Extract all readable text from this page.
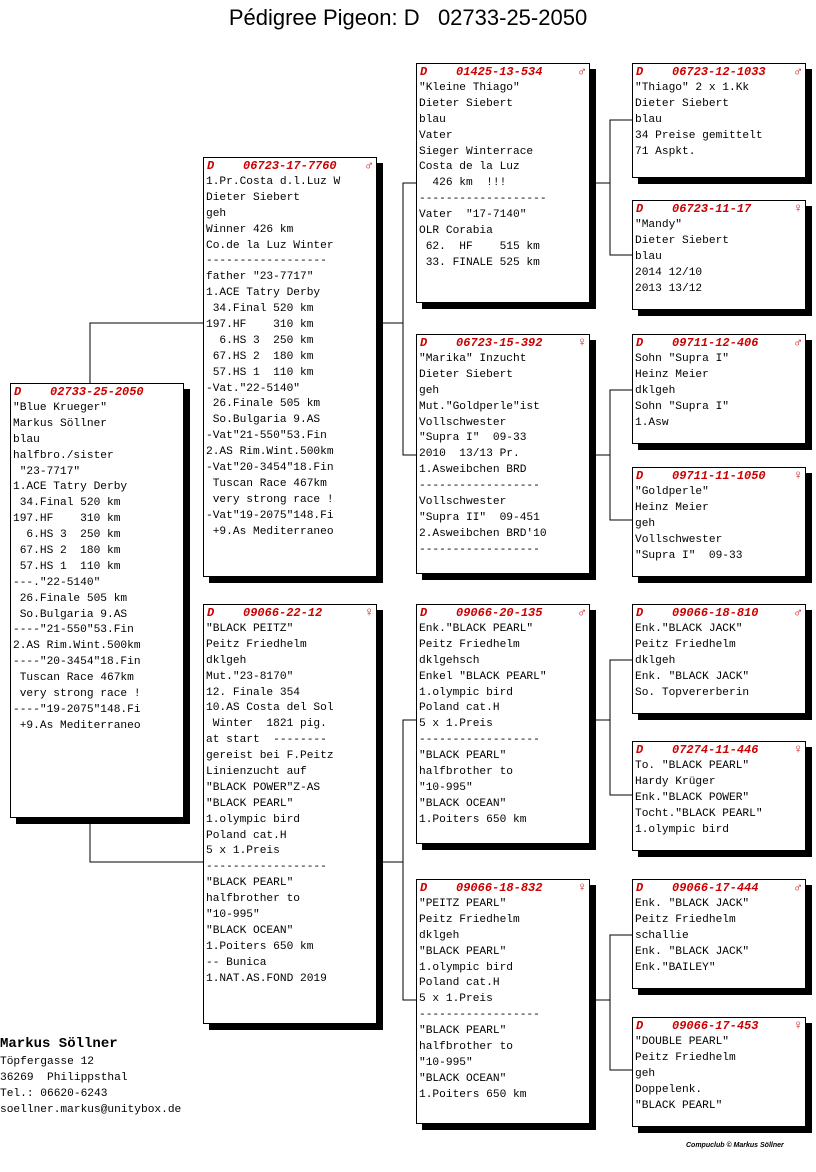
Pédigree Pigeon: D   02733-25-2050
D 02733-25-2050
"Blue Krueger"
Markus Söllner
blau
halfbro./sister
"23-7717"
1.ACE Tatry Derby
34.Final 520 km
197.HF    310 km
6.HS 3  250 km
67.HS 2  180 km
57.HS 1  110 km
---."22-5140"
26.Finale 505 km
So.Bulgaria 9.AS
----"21-550"53.Fin
2.AS Rim.Wint.500km
----"20-3454"18.Fin
Tuscan Race 467km
very strong race !
----"19-2075"148.Fi
+9.As Mediterraneo
D 06723-17-7760 ♂
1.Pr.Costa d.l.Luz W
Dieter Siebert
geh
Winner 426 km
Co.de la Luz Winter
------------------
father "23-7717"
1.ACE Tatry Derby
34.Final 520 km
197.HF    310 km
6.HS 3  250 km
67.HS 2  180 km
57.HS 1  110 km
-Vat."22-5140"
26.Finale 505 km
So.Bulgaria 9.AS
-Vat"21-550"53.Fin
2.AS Rim.Wint.500km
-Vat"20-3454"18.Fin
Tuscan Race 467km
very strong race !
-Vat"19-2075"148.Fi
+9.As Mediterraneo
D 09066-22-12	♀
"BLACK PEITZ"
Peitz Friedhelm
dklgeh
Mut."23-8170"
12. Finale 354
10.AS Costa del Sol
Winter  1821 pig.
at start  --------
gereist bei F.Peitz
Linienzucht auf
"BLACK POWER"Z-AS
"BLACK PEARL"
1.olympic bird
Poland cat.H
5 x 1.Preis
------------------
"BLACK PEARL"
halfbrother to
"10-995"
"BLACK OCEAN"
1.Poiters 650 km
-- Bunica
1.NAT.AS.FOND 2019
D 01425-13-534	♂
"Kleine Thiago"
Dieter Siebert
blau
Vater
Sieger Winterrace
Costa de la Luz
426 km  !!!
-------------------
Vater  "17-7140"
OLR Corabia
62.  HF    515 km
33. FINALE 525 km
D 06723-15-392	♀
"Marika" Inzucht
Dieter Siebert
geh
Mut."Goldperle"ist
Vollschwester
"Supra I"  09-33
2010  13/13 Pr.
1.Asweibchen BRD
------------------
Vollschwester
"Supra II"  09-451
2.Asweibchen BRD'10
------------------
D 09066-20-135	♂
Enk."BLACK PEARL"
Peitz Friedhelm
dklgehsch
Enkel "BLACK PEARL"
1.olympic bird
Poland cat.H
5 x 1.Preis
------------------
"BLACK PEARL"
halfbrother to
"10-995"
"BLACK OCEAN"
1.Poiters 650 km
D 09066-18-832	♀
"PEITZ PEARL"
Peitz Friedhelm
dklgeh
"BLACK PEARL"
1.olympic bird
Poland cat.H
5 x 1.Preis
------------------
"BLACK PEARL"
halfbrother to
"10-995"
"BLACK OCEAN"
1.Poiters 650 km
D 06723-12-1033 ♂
"Thiago" 2 x 1.Kk
Dieter Siebert
blau
34 Preise gemittelt
71 Aspkt.
D 06723-11-17	♀
"Mandy"
Dieter Siebert
blau
2014 12/10
2013 13/12
D 09711-12-406	♂
Sohn "Supra I"
Heinz Meier
dklgeh
Sohn "Supra I"
1.Asw
D 09711-11-1050 ♀
"Goldperle"
Heinz Meier
geh
Vollschwester
"Supra I"  09-33
D 09066-18-810	♂
Enk."BLACK JACK"
Peitz Friedhelm
dklgeh
Enk. "BLACK JACK"
So. Topvererberin
D 07274-11-446	♀
To. "BLACK PEARL"
Hardy Krüger
Enk."BLACK POWER"
Tocht."BLACK PEARL"
1.olympic bird
D 09066-17-444	♂
Enk. "BLACK JACK"
Peitz Friedhelm
schallie
Enk. "BLACK JACK"
Enk."BAILEY"
D 09066-17-453	♀
"DOUBLE PEARL"
Peitz Friedhelm
geh
Doppelenk.
"BLACK PEARL"
Markus Söllner
Töpfergasse 12
36269  Philippsthal
Tel.: 06620-6243
soellner.markus@unitybox.de
Compuclub © Markus Söllner
